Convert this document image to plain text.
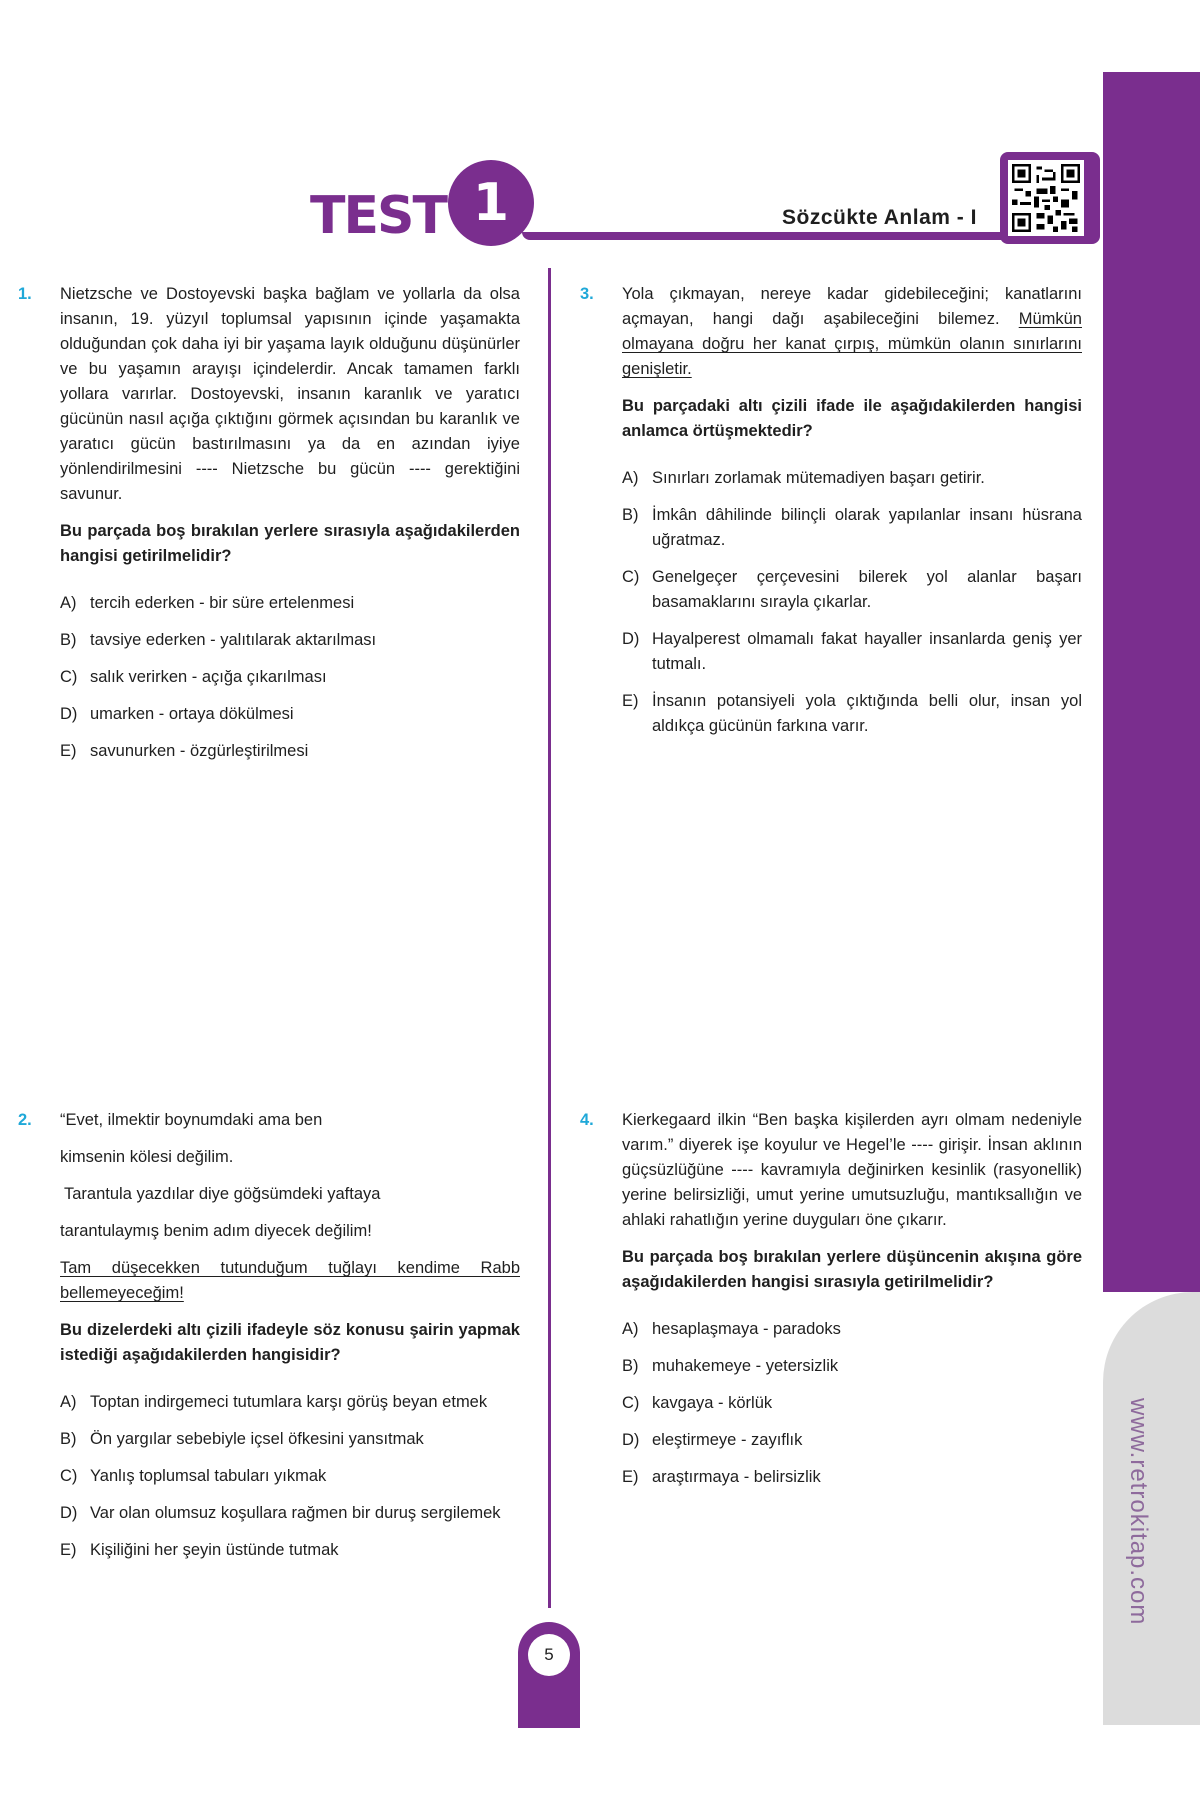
www.retrokitap.com
TEST 1	Sözcükte Anlam - I
1. Nietzsche ve Dostoyevski başka bağlam ve yollarla da olsa insanın, 19. yüzyıl toplumsal yapısının içinde yaşamakta olduğundan çok daha iyi bir yaşama layık olduğunu düşünürler ve bu yaşamın arayışı içindelerdir. Ancak tamamen farklı yollara varırlar. Dostoyevski, insanın karanlık ve yaratıcı gücünün nasıl açığa çıktığını görmek açısından bu karanlık ve yaratıcı gücün bastırılmasını ya da en azından iyiye yönlendirilmesini ---- Nietzsche bu gücün ---- gerektiğini savunur.
Bu parçada boş bırakılan yerlere sırasıyla aşağıdakilerden hangisi getirilmelidir?
A) tercih ederken - bir süre ertelenmesi
B) tavsiye ederken - yalıtılarak aktarılması
C) salık verirken - açığa çıkarılması
D) umarken - ortaya dökülmesi
E) savunurken - özgürleştirilmesi
3. Yola çıkmayan, nereye kadar gidebileceğini; kanatlarını açmayan, hangi dağı aşabileceğini bilemez. Mümkün olmayana doğru her kanat çırpış, mümkün olanın sınırlarını genişletir.
Bu parçadaki altı çizili ifade ile aşağıdakilerden hangisi anlamca örtüşmektedir?
A) Sınırları zorlamak mütemadiyen başarı getirir.
B) İmkân dâhilinde bilinçli olarak yapılanlar insanı hüsrana uğratmaz.
C) Genelgeçer çerçevesini bilerek yol alanlar başarı basamaklarını sırayla çıkarlar.
D) Hayalperest olmamalı fakat hayaller insanlarda geniş yer tutmalı.
E) İnsanın potansiyeli yola çıktığında belli olur, insan yol aldıkça gücünün farkına varır.
2. “Evet, ilmektir boynumdaki ama ben
kimsenin kölesi değilim.
Tarantula yazdılar diye göğsümdeki yaftaya
tarantulaymış benim adım diyecek değilim!
Tam düşecekken tutunduğum tuğlayı kendime Rabb bellemeyeceğim!
Bu dizelerdeki altı çizili ifadeyle söz konusu şairin yapmak istediği aşağıdakilerden hangisidir?
A) Toptan indirgemeci tutumlara karşı görüş beyan etmek
B) Ön yargılar sebebiyle içsel öfkesini yansıtmak
C) Yanlış toplumsal tabuları yıkmak
D) Var olan olumsuz koşullara rağmen bir duruş sergilemek
E) Kişiliğini her şeyin üstünde tutmak
4. Kierkegaard ilkin “Ben başka kişilerden ayrı olmam nedeniyle varım.” diyerek işe koyulur ve Hegel’le ---- girişir. İnsan aklının güçsüzlüğüne ---- kavramıyla değinirken kesinlik (rasyonellik) yerine belirsizliği, umut yerine umutsuzluğu, mantıksallığın ve ahlaki rahatlığın yerine duyguları öne çıkarır.
Bu parçada boş bırakılan yerlere düşüncenin akışına göre aşağıdakilerden hangisi sırasıyla getirilmelidir?
A) hesaplaşmaya - paradoks
B) muhakemeye - yetersizlik
C) kavgaya - körlük
D) eleştirmeye - zayıflık
E) araştırmaya - belirsizlik
5
